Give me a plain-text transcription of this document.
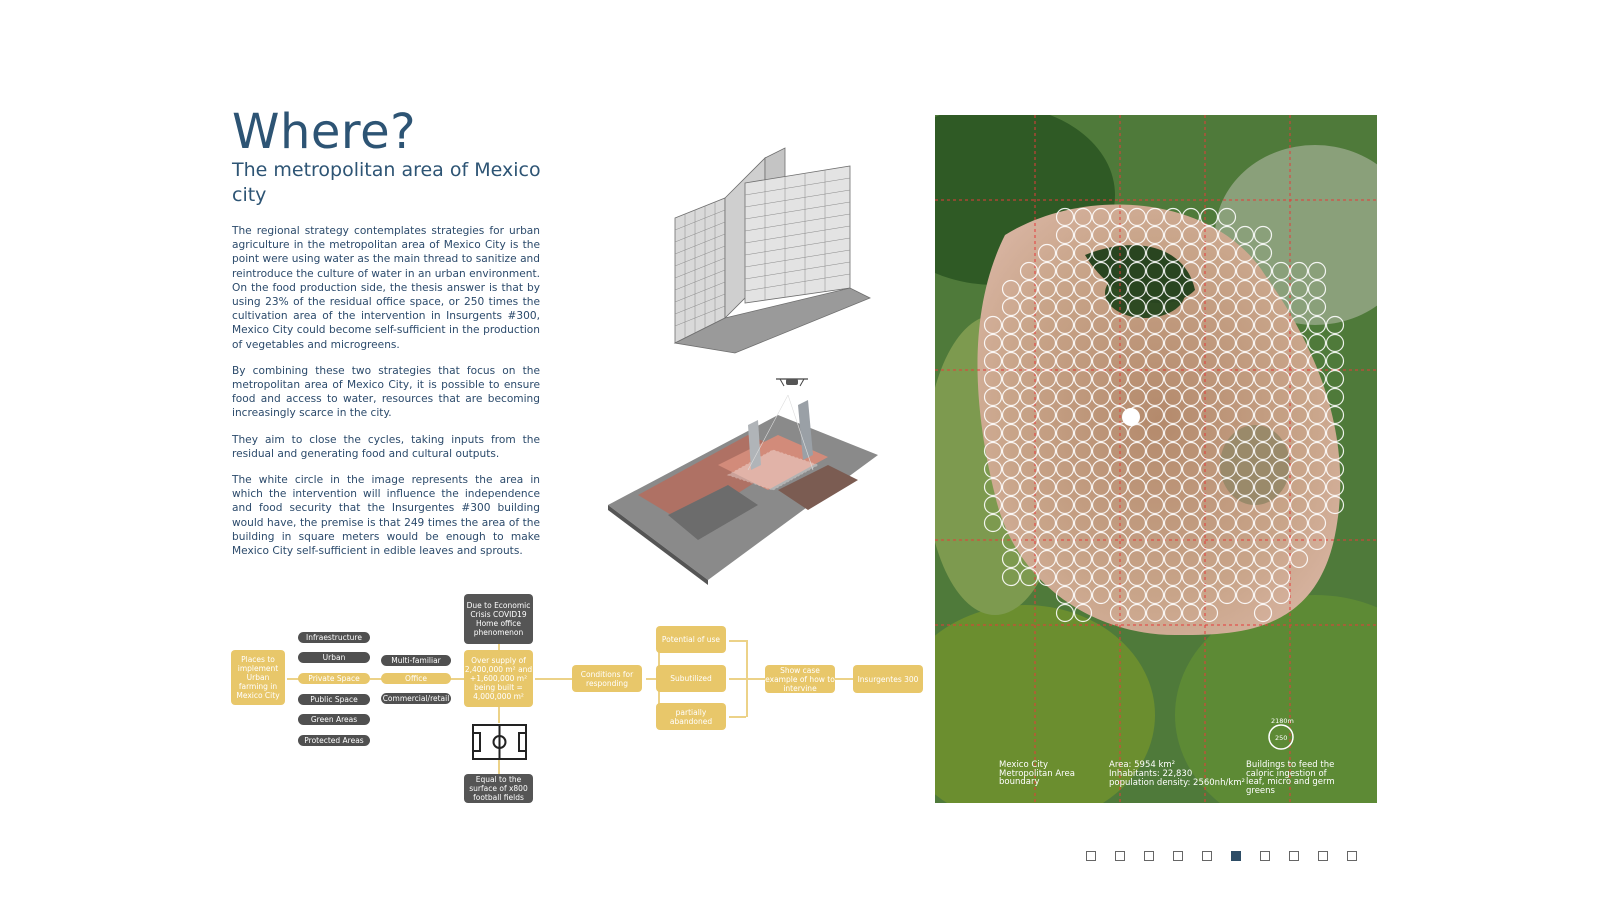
Where?
The metropolitan area of Mexico city

The regional strategy contemplates strategies for urban agriculture in the metropolitan area of Mexico City is the point were using water as the main thread to sanitize and reintroduce the culture of water in an urban environment. On the food production side, the thesis answer is that by using 23% of the residual office space, or 250 times the cultivation area of the intervention in Insurgents #300, Mexico City could become self-sufficient in the production of vegetables and microgreens.

By combining these two strategies that focus on the metropolitan area of Mexico City, it is possible to ensure food and access to water, resources that are becoming increasingly scarce in the city.

They aim to close the cycles, taking inputs from the residual and generating food and cultural outputs.

The white circle in the image represents the area in which the intervention will influence the independence and food security that the Insurgentes #300 building would have, the premise is that 249 times the area of the building in square meters would be enough to make Mexico City self-sufficient in edible leaves and sprouts.

Places to implement Urban farming in Mexico City
Infraestructure
Urban
Private Space
Public Space
Green Areas
Protected Areas
Multi-familiar
Office
Commercial/retail
Due to Economic Crisis COVID19 Home office phenomenon
Over supply of 2,400,000 m² and +1,600,000 m² being built = 4,000,000 m²
Equal to the surface of x800 football fields
Conditions for responding
Potential of use
Subutilized
partially abandoned
Show case example of how to intervine
Insurgentes 300
Mexico City Metropolitan Area boundary
Area: 5954 km²
Inhabitants: 22,830
population density: 2560nh/km²
Buildings to feed the caloric ingestion of leaf, micro and germ greens
2180m
250
